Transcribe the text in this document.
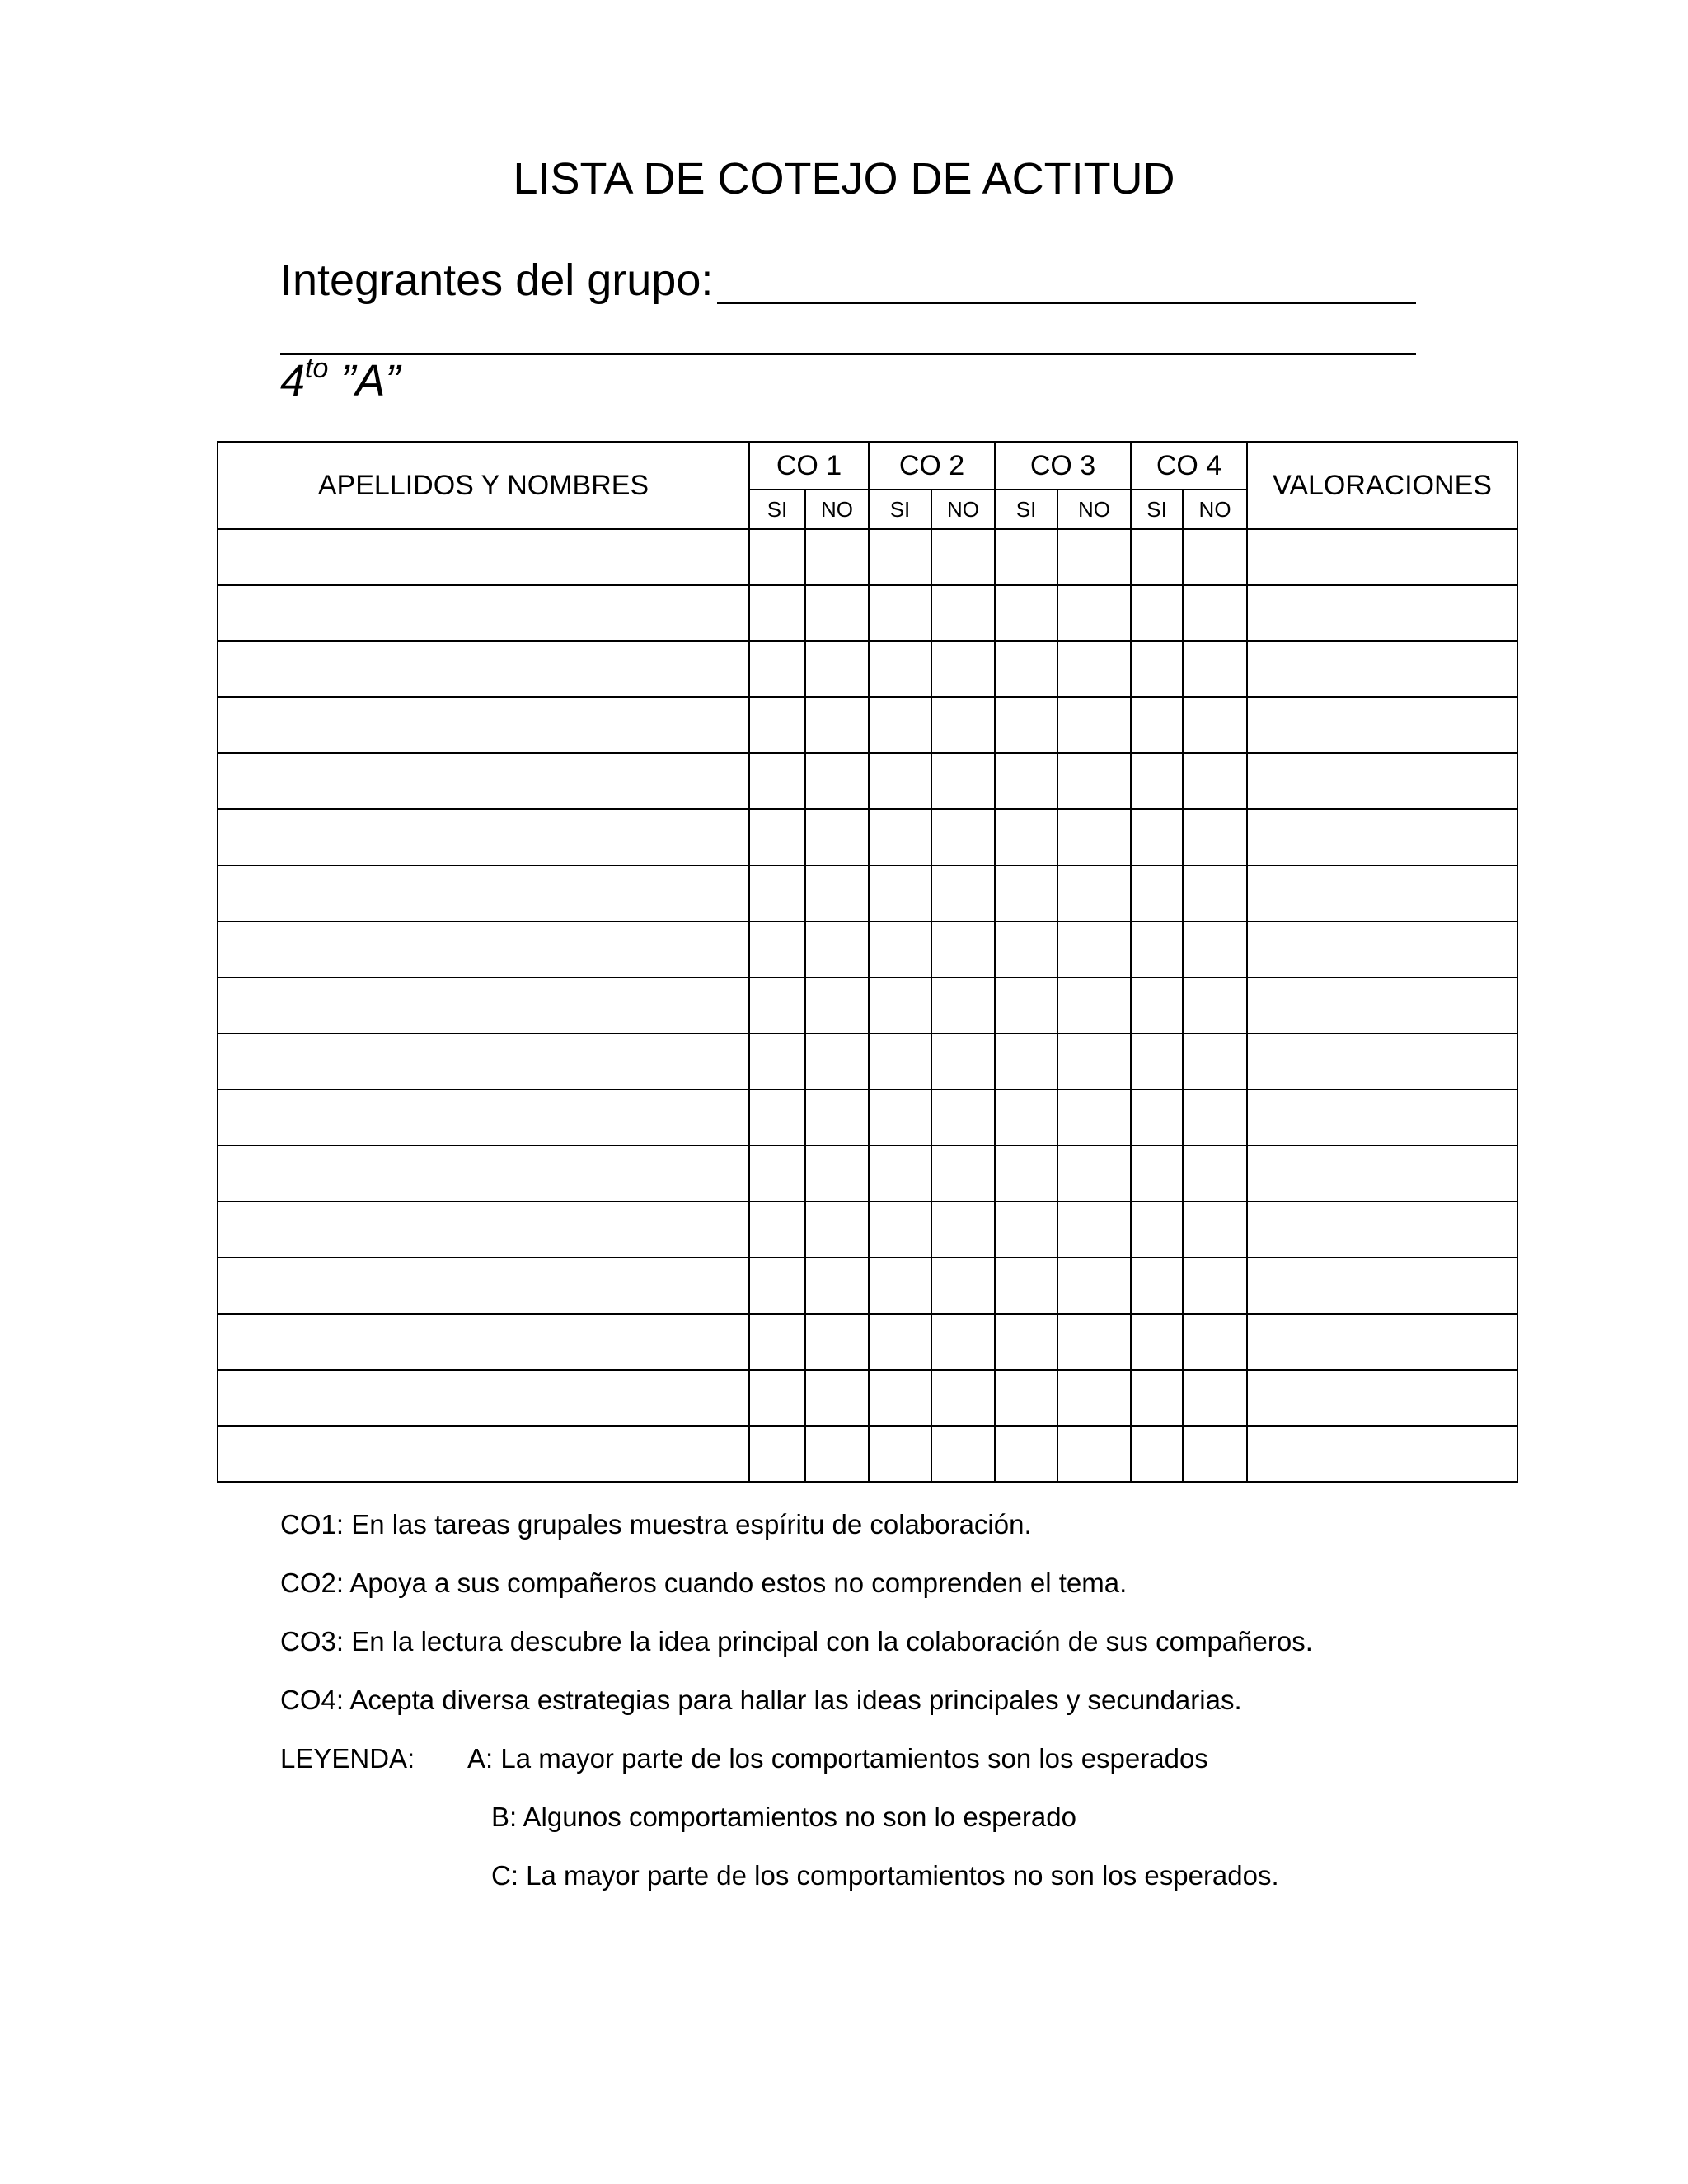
LISTA DE COTEJO DE ACTITUD
Integrantes del grupo:
$4^{to}$ ”A”
APELLIDOS Y NOMBRES	CO 1		CO 2		CO 3		CO 4		VALORACIONES
	SI	NO	SI	NO	SI	NO	SI	NO	

CO1: En las tareas grupales muestra espíritu de colaboración.
CO2: Apoya a sus compañeros cuando estos no comprenden el tema.
CO3: En la lectura descubre la idea principal con la colaboración de sus compañeros.
CO4: Acepta diversa estrategias para hallar las ideas principales y secundarias.
LEYENDA: A: La mayor parte de los comportamientos son los esperados
B: Algunos comportamientos no son lo esperado
C: La mayor parte de los comportamientos no son los esperados.
